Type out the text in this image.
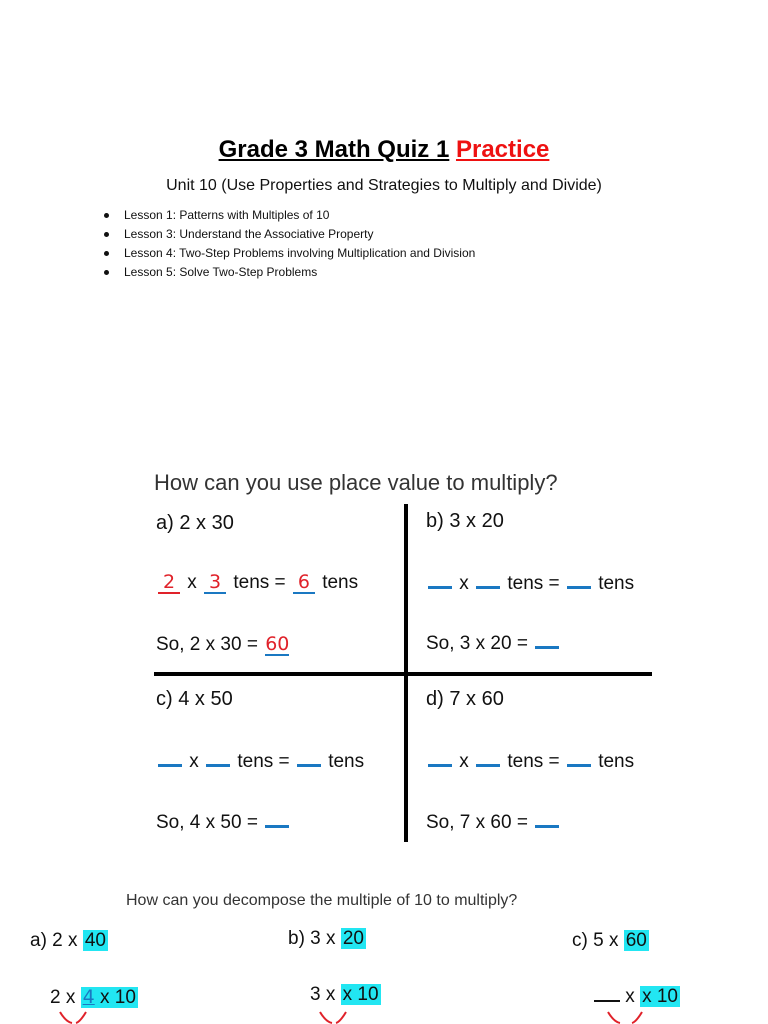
Grade 3 Math Quiz 1 Practice
Unit 10 (Use Properties and Strategies to Multiply and Divide)
Lesson 1: Patterns with Multiples of 10
Lesson 3: Understand the Associative Property
Lesson 4: Two-Step Problems involving Multiplication and Division
Lesson 5: Solve Two-Step Problems
How can you use place value to multiply?
a) 2 x 30
2 x 3 tens = 6 tens
So, 2 x 30 = 60
b) 3 x 20
x tens = tens
So, 3 x 20 =
c) 4 x 50
x tens = tens
So, 4 x 50 =
d) 7 x 60
x tens = tens
So, 7 x 60 =
How can you decompose the multiple of 10 to multiply?
a) 2 x 40	b) 3 x 20	c) 5 x 60
2 x 4 x 10	3 x x 10	x x 10
